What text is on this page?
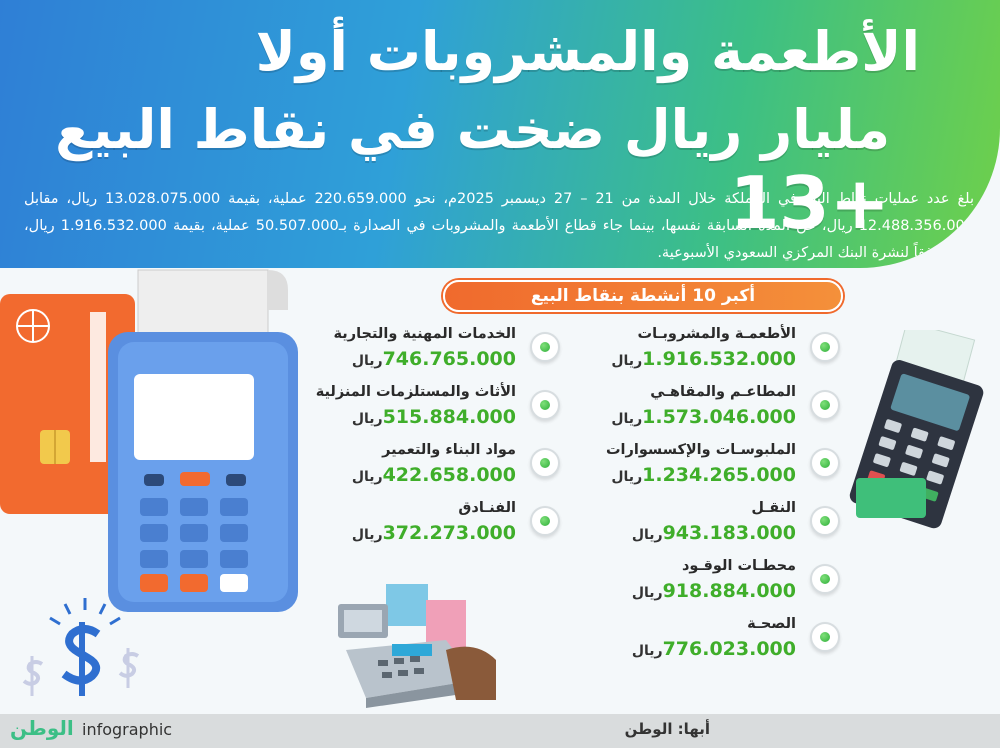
الأطعمة والمشروبات أولا
مليار ريال ضخت في نقاط البيع +13
بلغ عدد عمليات نقاط البيع في المملكة خلال المدة من 21 – 27 ديسمبر 2025م، نحو 220.659.000 عملية، بقيمة 13.028.075.000 ريال، مقابل 12.488.356.000 ريال، عن المدة السابقة نفسها، بينما جاء قطاع الأطعمة والمشروبات في الصدارة بـ50.507.000 عملية، بقيمة 1.916.532.000 ريال، وذلك وفقاً لنشرة البنك المركزي السعودي الأسبوعية.
أكبر 10 أنشطة بنقاط البيع
الأطعمـة والمشروبـات
1.916.532.000ريال
المطاعـم والمقاهـي
1.573.046.000ريال
الملبوسـات والإكسسوارات
1.234.265.000ريال
النقـل
943.183.000ريال
محطـات الوقـود
918.884.000ريال
الصحـة
776.023.000ريال
الخدمات المهنية والتجارية
746.765.000ريال
الأثاث والمستلزمات المنزلية
515.884.000ريال
مواد البناء والتعمير
422.658.000ريال
الفنـادق
372.273.000ريال
الوطن infographic	أبها: الوطن
